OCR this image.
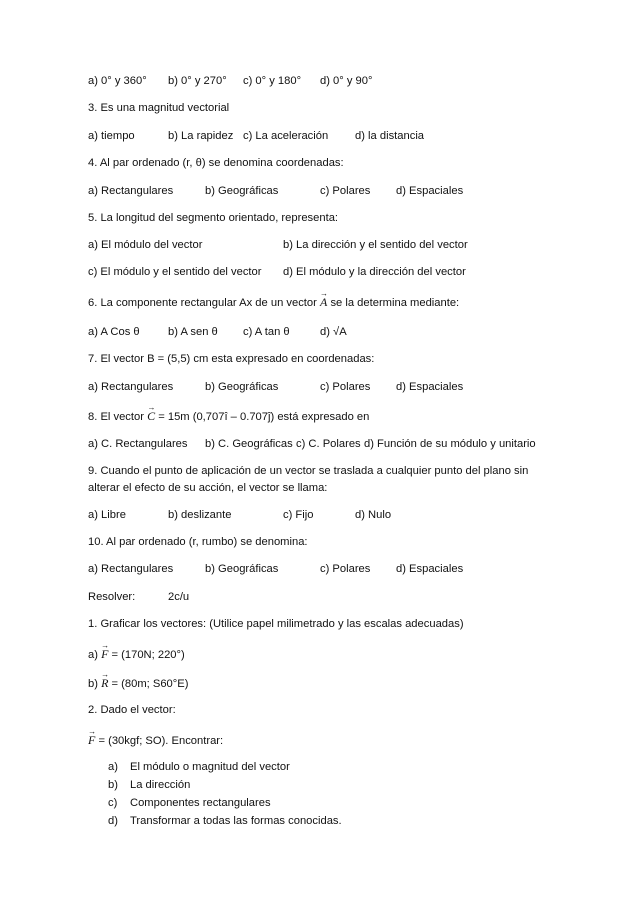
a) 0° y 360° b) 0° y 270° c) 0° y 180° d) 0° y 90°
3. Es una magnitud vectorial
a) tiempo	b) La rapidez c) La aceleración d) la distancia
4. Al par ordenado (r, θ) se denomina coordenadas:
a) Rectangulares	b) Geográficas	c) Polares d) Espaciales
5. La longitud del segmento orientado, representa:
a) El módulo del vector	b) La dirección y el sentido del vector
c) El módulo y el sentido del vector d) El módulo y la dirección del vector
6. La componente rectangular Ax de un vector → A se la determina mediante:
a) A Cos θ	b) A sen θ c) A tan θ	d) √A
7. El vector B = (5,5) cm esta expresado en coordenadas:
a) Rectangulares	b) Geográficas	c) Polares d) Espaciales
8. El vector → C = 15m (0,707î – 0.707ĵ) está expresado en
a) C. Rectangulares b) C. Geográficas c) C. Polares d) Función de su módulo y unitario
9. Cuando el punto de aplicación de un vector se traslada a cualquier punto del plano sin
alterar el efecto de su acción, el vector se llama:
a) Libre	b) deslizante	c) Fijo	d) Nulo
10. Al par ordenado (r, rumbo) se denomina:
a) Rectangulares	b) Geográficas	c) Polares d) Espaciales
Resolver:	2c/u
1. Graficar los vectores: (Utilice papel milimetrado y las escalas adecuadas)
a) → F = (170N; 220°)
b) → R = (80m; S60°E)
2. Dado el vector:
→ F = (30kgf; SO). Encontrar:
a) El módulo o magnitud del vector
b) La dirección
c) Componentes rectangulares
d) Transformar a todas las formas conocidas.
